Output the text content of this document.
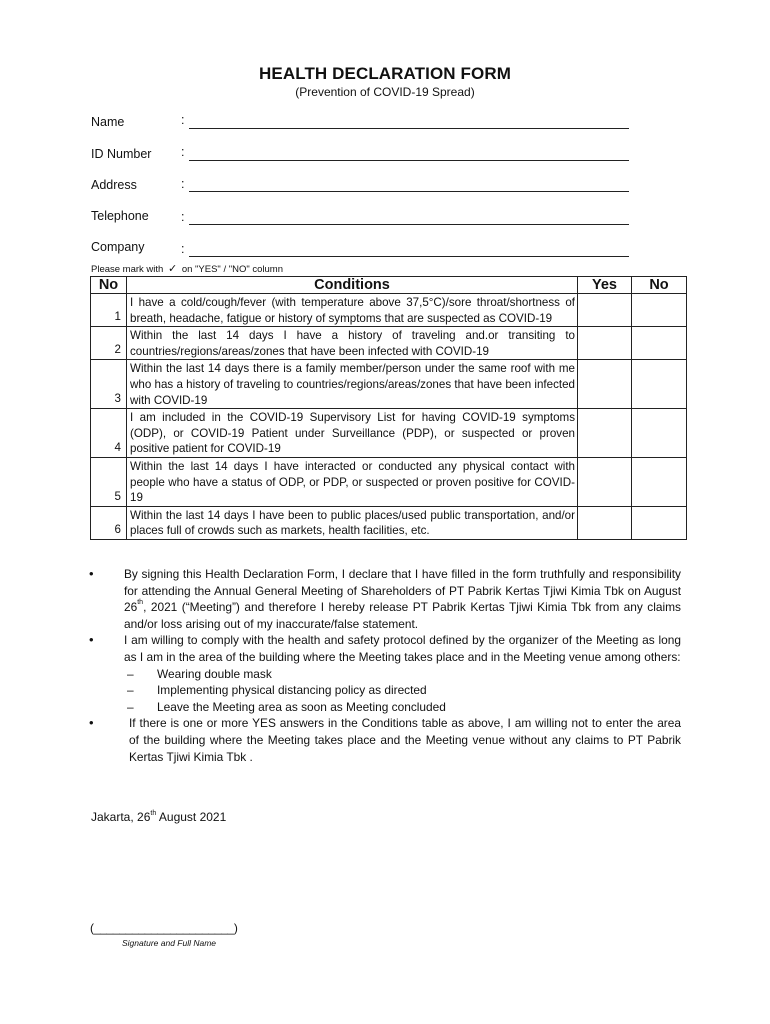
HEALTH DECLARATION FORM
(Prevention of COVID-19 Spread)
Name	:
ID Number :
Address	:
Telephone	:
Company	:
Please mark with ✓ on "YES" / "NO" column
No	Conditions	Yes	No
1	I have a cold/cough/fever (with temperature above 37,5°C)/sore throat/shortness of breath, headache, fatigue or history of symptoms that are suspected as COVID-19		
2	Within the last 14 days I have a history of traveling and.or transiting to countries/regions/areas/zones that have been infected with COVID-19		
3	Within the last 14 days there is a family member/person under the same roof with me who has a history of traveling to countries/regions/areas/zones that have been infected with COVID-19		
4	I am included in the COVID-19 Supervisory List for having COVID-19 symptoms (ODP), or COVID-19 Patient under Surveillance (PDP), or suspected or proven positive patient for COVID-19		
5	Within the last 14 days I have interacted or conducted any physical contact with people who have a status of ODP, or PDP, or suspected or proven positive for COVID-19		
6	Within the last 14 days I have been to public places/used public transportation, and/or places full of crowds such as markets, health facilities, etc.		
•	By signing this Health Declaration Form, I declare that I have filled in the form truthfully and responsibility for attending the Annual General Meeting of Shareholders of PT Pabrik Kertas Tjiwi Kimia Tbk on August 26th, 2021 (“Meeting”) and therefore I hereby release PT Pabrik Kertas Tjiwi Kimia Tbk from any claims and/or loss arising out of my inaccurate/false statement.
•	I am willing to comply with the health and safety protocol defined by the organizer of the Meeting as long as I am in the area of the building where the Meeting takes place and in the Meeting venue among others:
– Wearing double mask
– Implementing physical distancing policy as directed
– Leave the Meeting area as soon as Meeting concluded
•	If there is one or more YES answers in the Conditions table as above, I am willing not to enter the area of the building where the Meeting takes place and the Meeting venue without any claims to PT Pabrik Kertas Tjiwi Kimia Tbk .
Jakarta, 26th August 2021
(______________________)
Signature and Full Name
